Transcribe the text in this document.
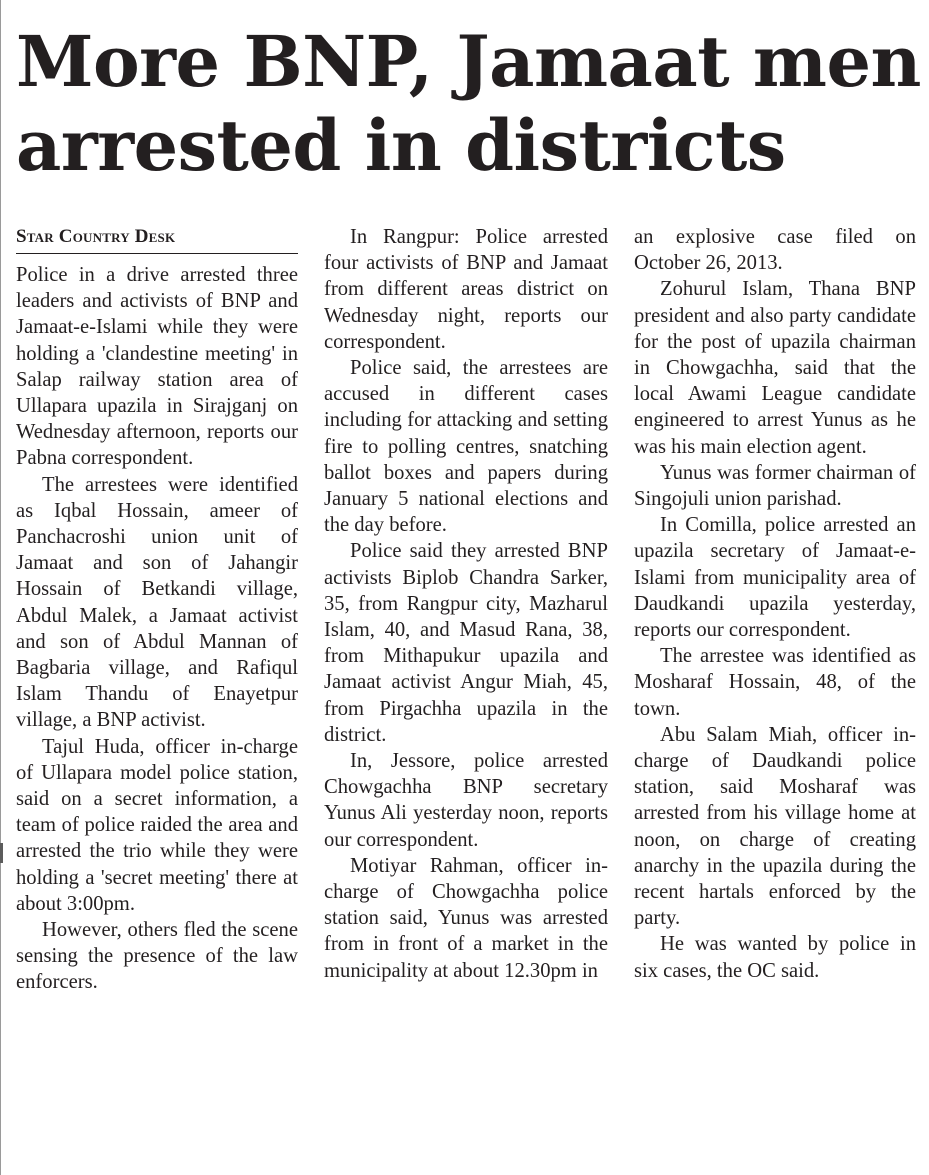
More BNP, Jamaat men arrested in districts
Star Country Desk

Police in a drive arrested three leaders and activists of BNP and Jamaat-e-Islami while they were holding a 'clandestine meeting' in Salap railway station area of Ullapara upazila in Sirajganj on Wednesday afternoon, reports our Pabna correspondent.

The arrestees were identified as Iqbal Hossain, ameer of Panchacroshi union unit of Jamaat and son of Jahangir Hossain of Betkandi village, Abdul Malek, a Jamaat activist and son of Abdul Mannan of Bagbaria village, and Rafiqul Islam Thandu of Enayetpur village, a BNP activist.

Tajul Huda, officer in-charge of Ullapara model police station, said on a secret information, a team of police raided the area and arrested the trio while they were holding a 'secret meeting' there at about 3:00pm.

However, others fled the scene sensing the presence of the law enforcers.

In Rangpur: Police arrested four activists of BNP and Jamaat from different areas district on Wednesday night, reports our correspondent.

Police said, the arrestees are accused in different cases including for attacking and setting fire to polling centres, snatching ballot boxes and papers during January 5 national elections and the day before.

Police said they arrested BNP activists Biplob Chandra Sarker, 35, from Rangpur city, Mazharul Islam, 40, and Masud Rana, 38, from Mithapukur upazila and Jamaat activist Angur Miah, 45, from Pirgachha upazila in the district.

In, Jessore, police arrested Chowgachha BNP secretary Yunus Ali yesterday noon, reports our correspondent.

Motiyar Rahman, officer in-charge of Chowgachha police station said, Yunus was arrested from in front of a market in the municipality at about 12.30pm in

an explosive case filed on October 26, 2013.

Zohurul Islam, Thana BNP president and also party candidate for the post of upazila chairman in Chowgachha, said that the local Awami League candidate engineered to arrest Yunus as he was his main election agent.

Yunus was former chairman of Singojuli union parishad.

In Comilla, police arrested an upazila secretary of Jamaat-e-Islami from municipality area of Daudkandi upazila yesterday, reports our correspondent.

The arrestee was identified as Mosharaf Hossain, 48, of the town.

Abu Salam Miah, officer in-charge of Daudkandi police station, said Mosharaf was arrested from his village home at noon, on charge of creating anarchy in the upazila during the recent hartals enforced by the party.

He was wanted by police in six cases, the OC said.
